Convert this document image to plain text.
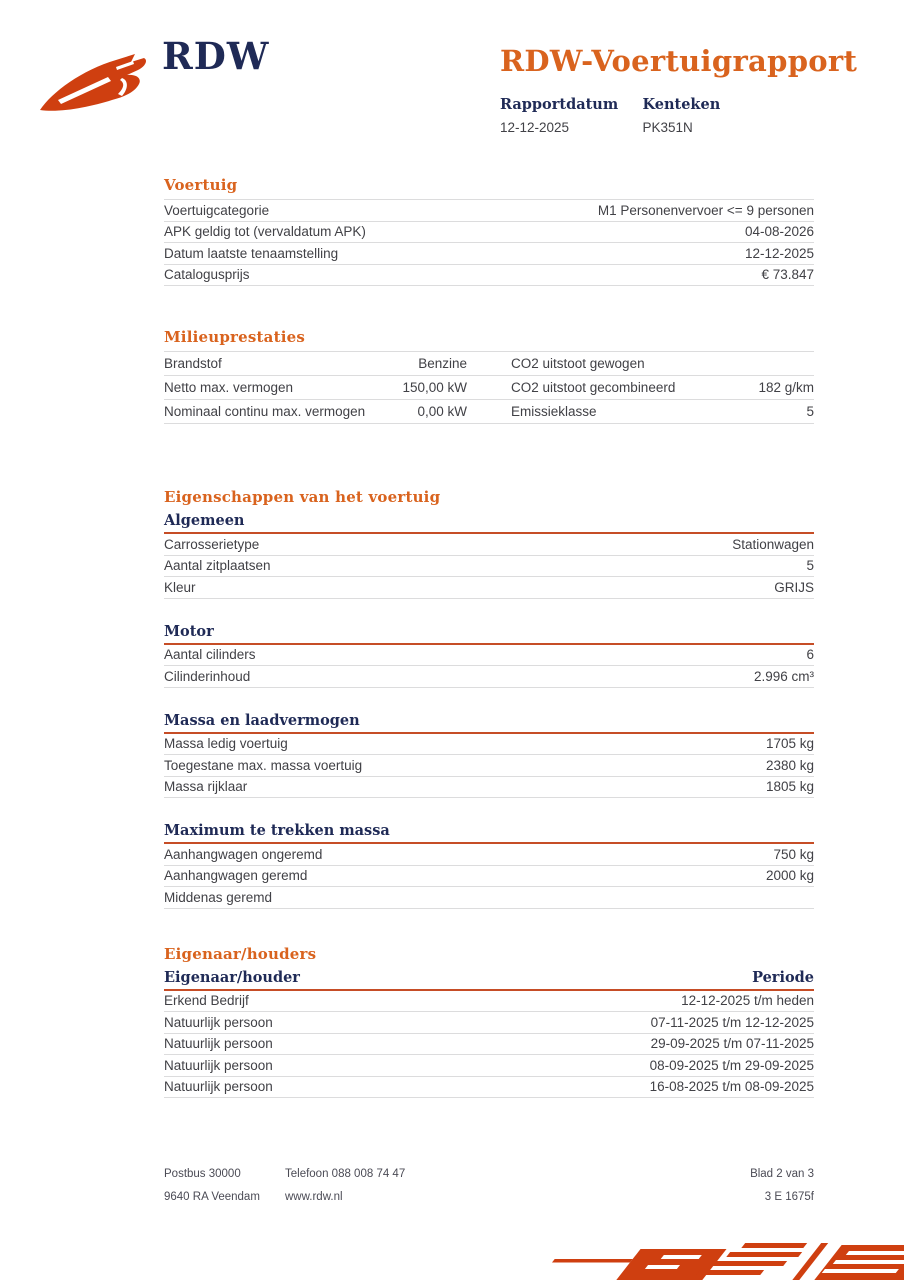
RDW	RDW-Voertuigrapport
Rapportdatum
12-12-2025

Kenteken
PK351N
Voertuig
Voertuigcategorie	M1 Personenvervoer <= 9 personen
APK geldig tot (vervaldatum APK)	04-08-2026
Datum laatste tenaamstelling	12-12-2025
Catalogusprijs	€ 73.847
Milieuprestaties
Brandstof	Benzine	CO2 uitstoot gewogen
Netto max. vermogen	150,00 kW	CO2 uitstoot gecombineerd	182 g/km
Nominaal continu max. vermogen	0,00 kW	Emissieklasse	5
Eigenschappen van het voertuig
Algemeen
Carrosserietype	Stationwagen
Aantal zitplaatsen	5
Kleur	GRIJS
Motor
Aantal cilinders	6
Cilinderinhoud	2.996 cm³
Massa en laadvermogen
Massa ledig voertuig	1705 kg
Toegestane max. massa voertuig	2380 kg
Massa rijklaar	1805 kg
Maximum te trekken massa
Aanhangwagen ongeremd	750 kg
Aanhangwagen geremd	2000 kg
Middenas geremd
Eigenaar/houders
Eigenaar/houder	Periode
Erkend Bedrijf	12-12-2025 t/m heden
Natuurlijk persoon	07-11-2025 t/m 12-12-2025
Natuurlijk persoon	29-09-2025 t/m 07-11-2025
Natuurlijk persoon	08-09-2025 t/m 29-09-2025
Natuurlijk persoon	16-08-2025 t/m 08-09-2025
Postbus 30000	Telefoon 088 008 74 47	Blad 2 van 3
9640 RA Veendam	www.rdw.nl	3 E 1675f
